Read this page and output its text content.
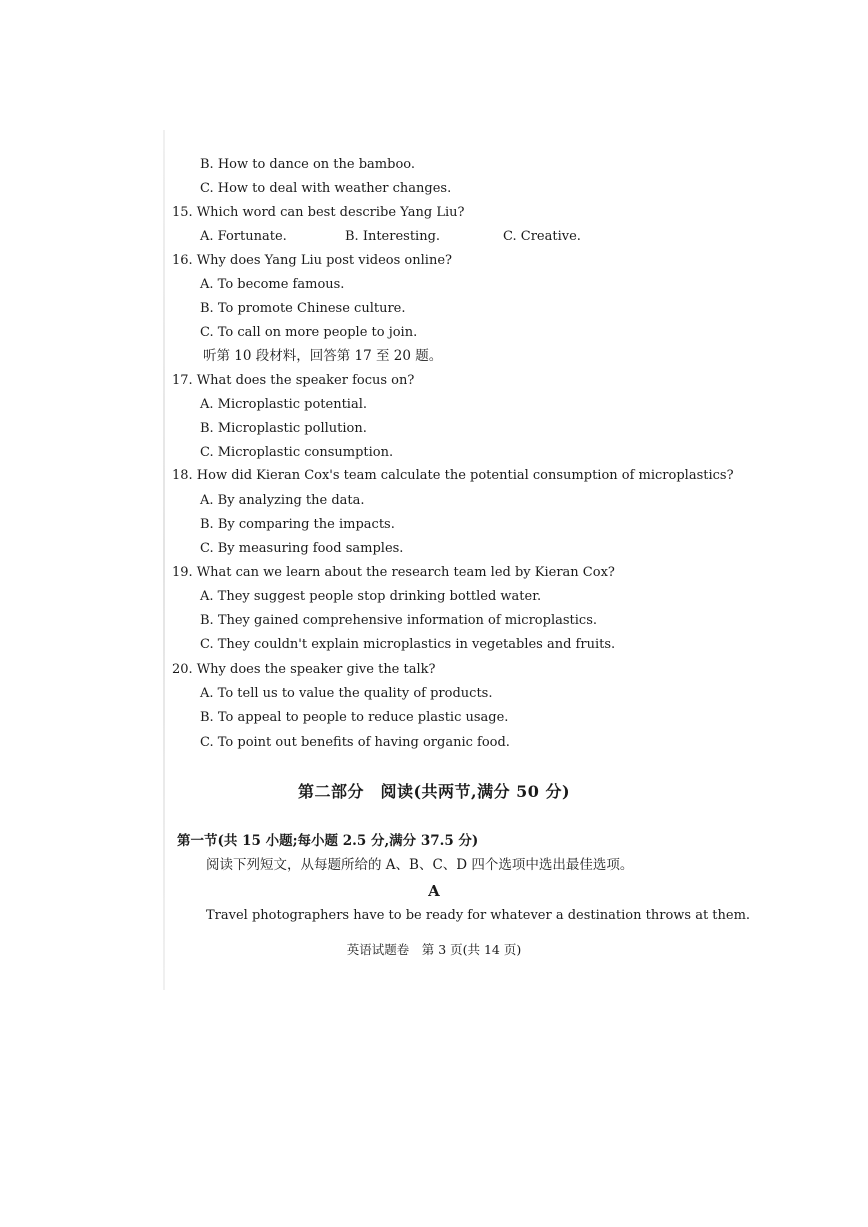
B. How to dance on the bamboo.
C. How to deal with weather changes.
15. Which word can best describe Yang Liu?
A. Fortunate.	B. Interesting.	C. Creative.
16. Why does Yang Liu post videos online?
A. To become famous.
B. To promote Chinese culture.
C. To call on more people to join.
听第 10 段材料，回答第 17 至 20 题。
17. What does the speaker focus on?
A. Microplastic potential.
B. Microplastic pollution.
C. Microplastic consumption.
18. How did Kieran Cox's team calculate the potential consumption of microplastics?
A. By analyzing the data.
B. By comparing the impacts.
C. By measuring food samples.
19. What can we learn about the research team led by Kieran Cox?
A. They suggest people stop drinking bottled water.
B. They gained comprehensive information of microplastics.
C. They couldn't explain microplastics in vegetables and fruits.
20. Why does the speaker give the talk?
A. To tell us to value the quality of products.
B. To appeal to people to reduce plastic usage.
C. To point out benefits of having organic food.
第二部分　阅读(共两节,满分 50 分)
第一节(共 15 小题;每小题 2.5 分,满分 37.5 分)
阅读下列短文，从每题所给的 A、B、C、D 四个选项中选出最佳选项。
A
Travel photographers have to be ready for whatever a destination throws at them.
英语试题卷　第 3 页(共 14 页)
